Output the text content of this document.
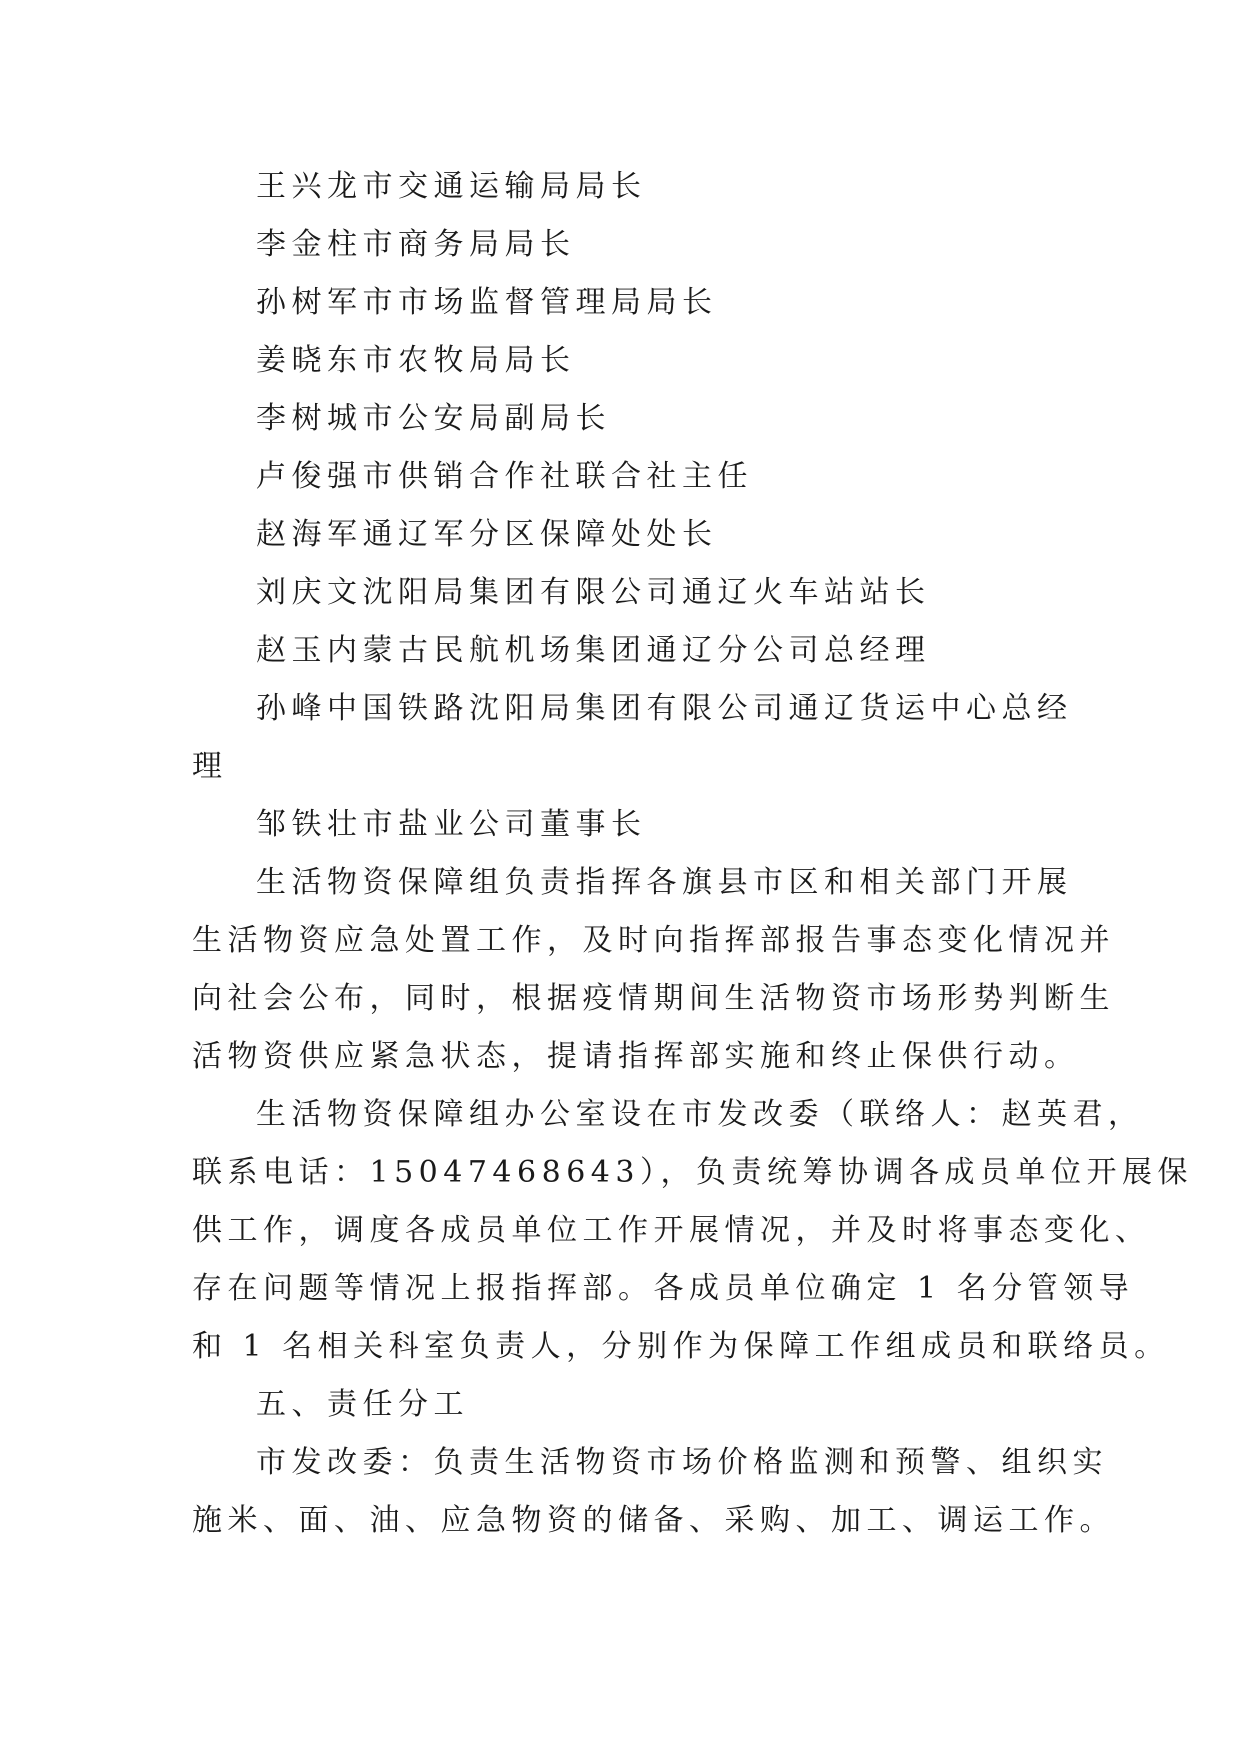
王兴龙市交通运输局局长
李金柱市商务局局长
孙树军市市场监督管理局局长
姜晓东市农牧局局长
李树城市公安局副局长
卢俊强市供销合作社联合社主任
赵海军通辽军分区保障处处长
刘庆文沈阳局集团有限公司通辽火车站站长
赵玉内蒙古民航机场集团通辽分公司总经理
孙峰中国铁路沈阳局集团有限公司通辽货运中心总经
理
邹铁壮市盐业公司董事长
生活物资保障组负责指挥各旗县市区和相关部门开展
生活物资应急处置工作，及时向指挥部报告事态变化情况并
向社会公布，同时，根据疫情期间生活物资市场形势判断生
活物资供应紧急状态，提请指挥部实施和终止保供行动。
生活物资保障组办公室设在市发改委（联络人：赵英君，
联系电话：15047468643），负责统筹协调各成员单位开展保
供工作，调度各成员单位工作开展情况，并及时将事态变化、
存在问题等情况上报指挥部。各成员单位确定 1 名分管领导
和 1 名相关科室负责人，分别作为保障工作组成员和联络员。
五、责任分工
市发改委：负责生活物资市场价格监测和预警、组织实
施米、面、油、应急物资的储备、采购、加工、调运工作。
